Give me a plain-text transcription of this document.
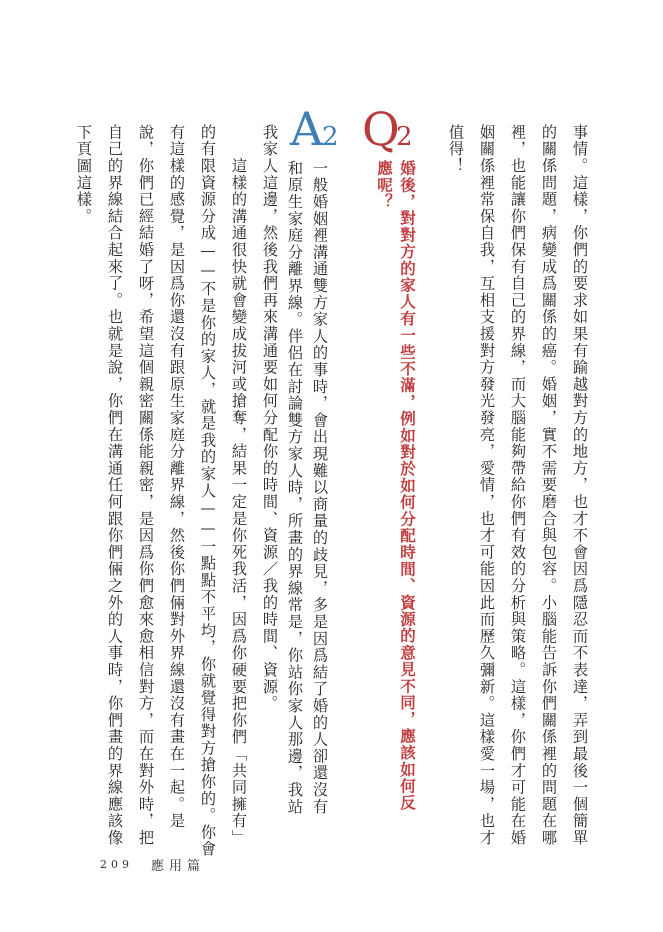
事情。這樣，你們的要求如果有踰越對方的地方，也才不會因爲隱忍而不表達，弄到最後一個簡單
的關係問題，病變成爲關係的癌。婚姻，實不需要磨合與包容。小腦能告訴你們關係裡的問題在哪
裡，也能讓你們保有自己的界線，而大腦能夠帶給你們有效的分析與策略。這樣，你們才可能在婚
姻關係裡常保自我，互相支援對方發光發亮，愛情，也才可能因此而歷久彌新。這樣愛一場，也才
值得！
Q
2
婚後，對對方的家人有一些不滿，例如對於如何分配時間、資源的意見不同，應該如何反
應呢？
A
2
一般婚姻裡溝通雙方家人的事時，會出現難以商量的歧見，多是因爲結了婚的人卻還沒有
和原生家庭分離界線。伴侶在討論雙方家人時，所畫的界線常是，你站你家人那邊，我站
我家人這邊，然後我們再來溝通要如何分配你的時間、資源／我的時間、資源。
　　這樣的溝通很快就會變成拔河或搶奪，結果一定是你死我活，因爲你硬要把你們「共同擁有」
的有限資源分成——不是你的家人，就是我的家人——一點點不平均，你就覺得對方搶你的。你會
有這樣的感覺，是因爲你還沒有跟原生家庭分離界線，然後你們倆對外界線還沒有畫在一起。是
說，你們已經結婚了呀，希望這個親密關係能親密，是因爲你們愈來愈相信對方，而在對外時，把
自己的界線結合起來了。也就是說，你們在溝通任何跟你們倆之外的人事時，你們畫的界線應該像
下頁圖這樣。
209 應用篇
